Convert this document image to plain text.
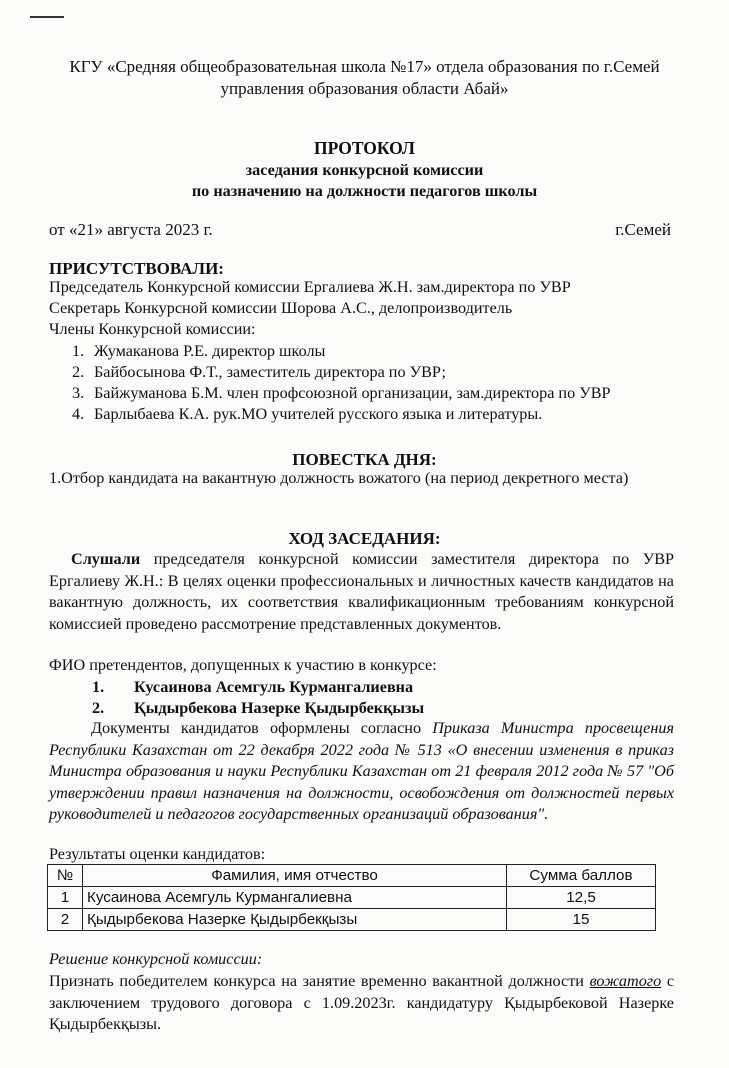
КГУ «Средняя общеобразовательная школа №17» отдела образования по г.Семей
управления образования области Абай»
ПРОТОКОЛ
заседания конкурсной комиссии
по назначению на должности педагогов школы
от «21» августа 2023 г.	г.Семей
ПРИСУТСТВОВАЛИ:
Председатель Конкурсной комиссии Ергалиева Ж.Н. зам.директора по УВР
Секретарь Конкурсной комиссии Шорова А.С., делопроизводитель
Члены Конкурсной комиссии:
1. Жумаканова Р.Е. директор школы
2. Байбосынова Ф.Т., заместитель директора по УВР;
3. Байжуманова Б.М. член профсоюзной организации, зам.директора по УВР
4. Барлыбаева К.А. рук.МО учителей русского языка и литературы.
ПОВЕСТКА ДНЯ:
1.Отбор кандидата на вакантную должность вожатого (на период декретного места)
ХОД ЗАСЕДАНИЯ:
Слушали председателя конкурсной комиссии заместителя директора по УВР Ергалиеву Ж.Н.: В целях оценки профессиональных и личностных качеств кандидатов на вакантную должность, их соответствия квалификационным требованиям конкурсной комиссией проведено рассмотрение представленных документов.
ФИО претендентов, допущенных к участию в конкурсе:
1. Кусаинова Асемгуль Курмангалиевна
2. Қыдырбекова Назерке Қыдырбекқызы
Документы кандидатов оформлены согласно Приказа Министра просвещения Республики Казахстан от 22 декабря 2022 года № 513 «О внесении изменения в приказ Министра образования и науки Республики Казахстан от 21 февраля 2012 года № 57 "Об утверждении правил назначения на должности, освобождения от должностей первых руководителей и педагогов государственных организаций образования".
Результаты оценки кандидатов:
№	Фамилия, имя отчество	Сумма баллов
1	Кусаинова Асемгуль Курмангалиевна	12,5
2	Қыдырбекова Назерке Қыдырбекқызы	15
Решение конкурсной комиссии:
Признать победителем конкурса на занятие временно вакантной должности вожатого с заключением трудового договора с 1.09.2023г. кандидатуру Қыдырбековой Назерке Қыдырбекқызы.
